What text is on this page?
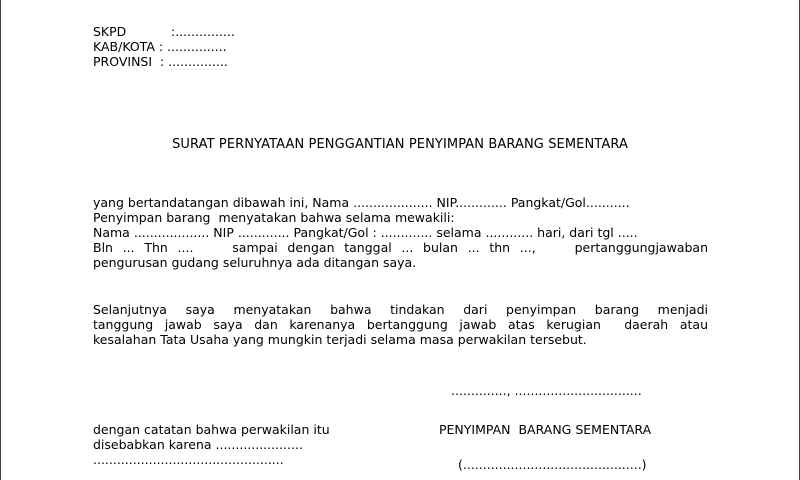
SKPD	:...............
KAB/KOTA
: ...............
PROVINSI
: ...............
SURAT PERNYATAAN PENGGANTIAN PENYIMPAN BARANG SEMENTARA
yang bertandatangan dibawah ini, Nama .................... NIP............. Pangkat/Gol...........
Penyimpan barang  menyatakan bahwa selama mewakili:
Nama ................... NIP ............. Pangkat/Gol : ............. selama ............ hari, dari tgl .....
Bln ... Thn ....    sampai dengan tanggal ... bulan ... thn ...,    pertanggungjawaban
pengurusan gudang seluruhnya ada ditangan saya.
Selanjutnya saya menyatakan bahwa tindakan dari penyimpan barang menjadi
tanggung jawab saya dan karenanya bertanggung jawab atas kerugian  daerah atau
kesalahan Tata Usaha yang mungkin terjadi selama masa perwakilan tersebut.
.............., ................................
dengan catatan bahwa perwakilan itu
disebabkan karena ......................
................................................
PENYIMPAN  BARANG SEMENTARA
(.............................................)
